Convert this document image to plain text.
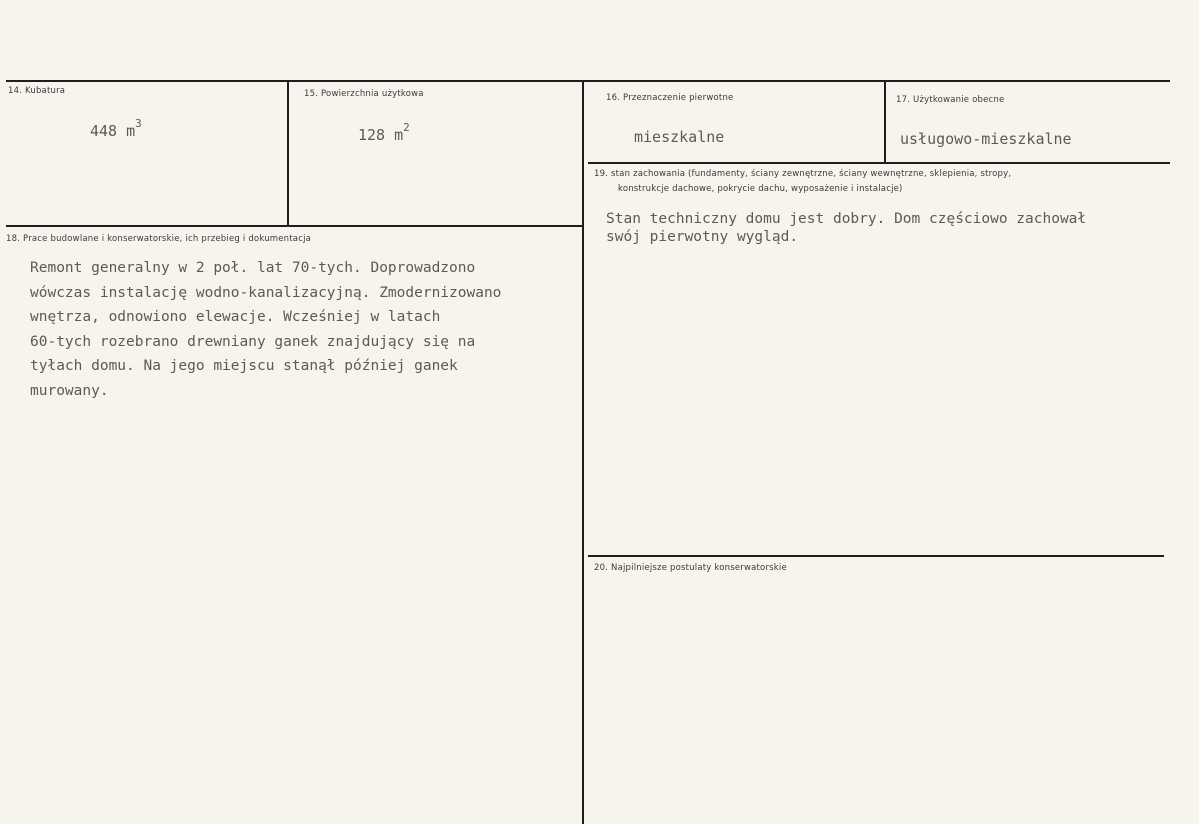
14. Kubatura
448 $m^3$
15. Powierzchnia użytkowa
128 $m^2$
16. Przeznaczenie pierwotne
mieszkalne
17. Użytkowanie obecne
usługowo-mieszkalne
18. Prace budowlane i konserwatorskie, ich przebieg i dokumentacja
Remont generalny w 2 poł. lat 70-tych. Doprowadzono
wówczas instalację wodno-kanalizacyjną. Zmodernizowano
wnętrza, odnowiono elewacje. Wcześniej w latach
60-tych rozebrano drewniany ganek znajdujący się na
tyłach domu. Na jego miejscu stanął później ganek
murowany.
19. stan zachowania (fundamenty, ściany zewnętrzne, ściany wewnętrzne, sklepienia, stropy,
konstrukcje dachowe, pokrycie dachu, wyposażenie i instalacje)
Stan techniczny domu jest dobry. Dom częściowo zachował
swój pierwotny wygląd.
20. Najpilniejsze postulaty konserwatorskie
